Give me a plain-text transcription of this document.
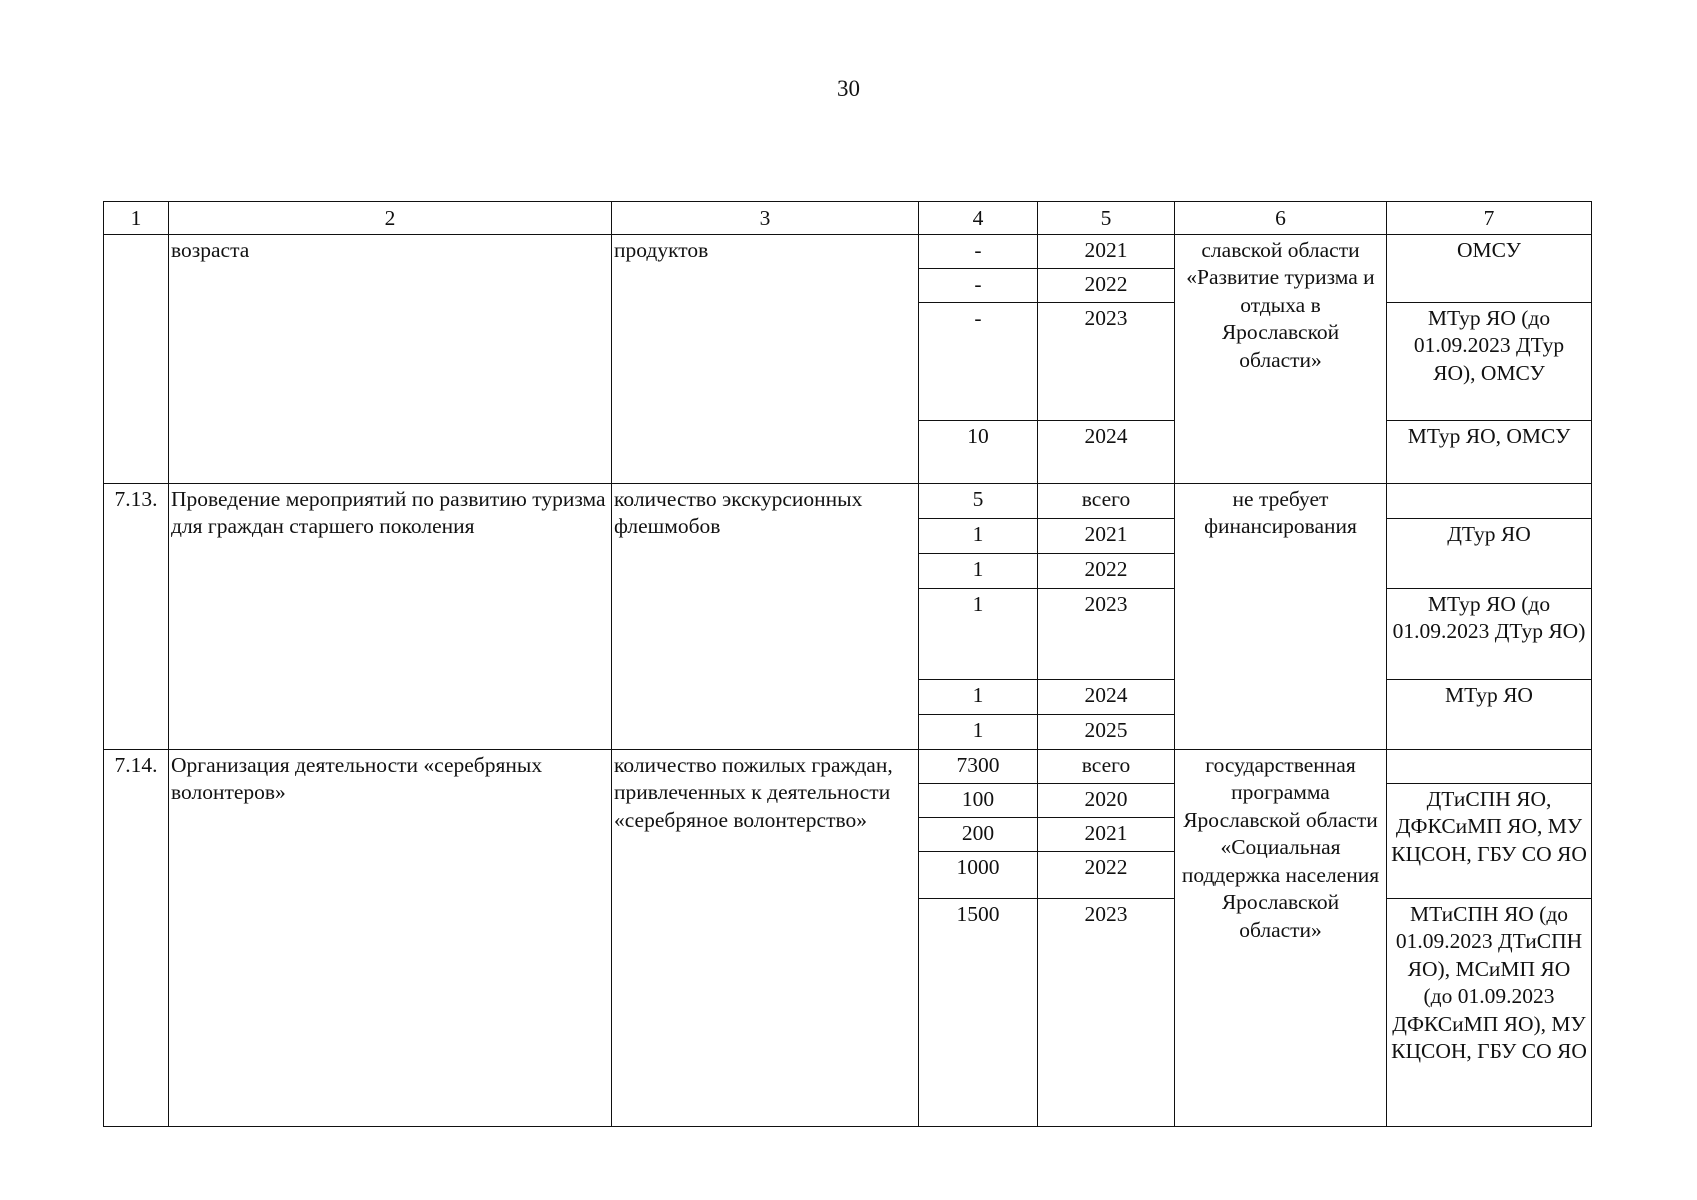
30
1	2	3	4	5	6	7
	возраста	продуктов	-	2021	славской области «Развитие туризма и отдыха в Ярославской области»	ОМСУ
			-	2022		
			-	2023		МТур ЯО (до 01.09.2023 ДТур ЯО), ОМСУ
			10	2024		МТур ЯО, ОМСУ
7.13.	Проведение мероприятий по развитию туризма для граждан старшего поколения	количество экскурсионных флешмобов	5	всего	не требует финансирования	
			1	2021		ДТур ЯО
			1	2022		
			1	2023		МТур ЯО (до 01.09.2023 ДТур ЯО)
			1	2024		МТур ЯО
			1	2025		
7.14.	Организация деятельности «серебряных волонтеров»	количество пожилых граждан, привлеченных к деятельности «серебряное волонтерство»	7300	всего	государственная программа Ярославской области «Социальная поддержка населения Ярославской области»	
			100	2020		ДТиСПН ЯО, ДФКСиМП ЯО, МУ КЦСОН, ГБУ СО ЯО
			200	2021		
			1000	2022		
			1500	2023		МТиСПН ЯО (до 01.09.2023 ДТиСПН ЯО), МСиМП ЯО (до 01.09.2023 ДФКСиМП ЯО), МУ КЦСОН, ГБУ СО ЯО
